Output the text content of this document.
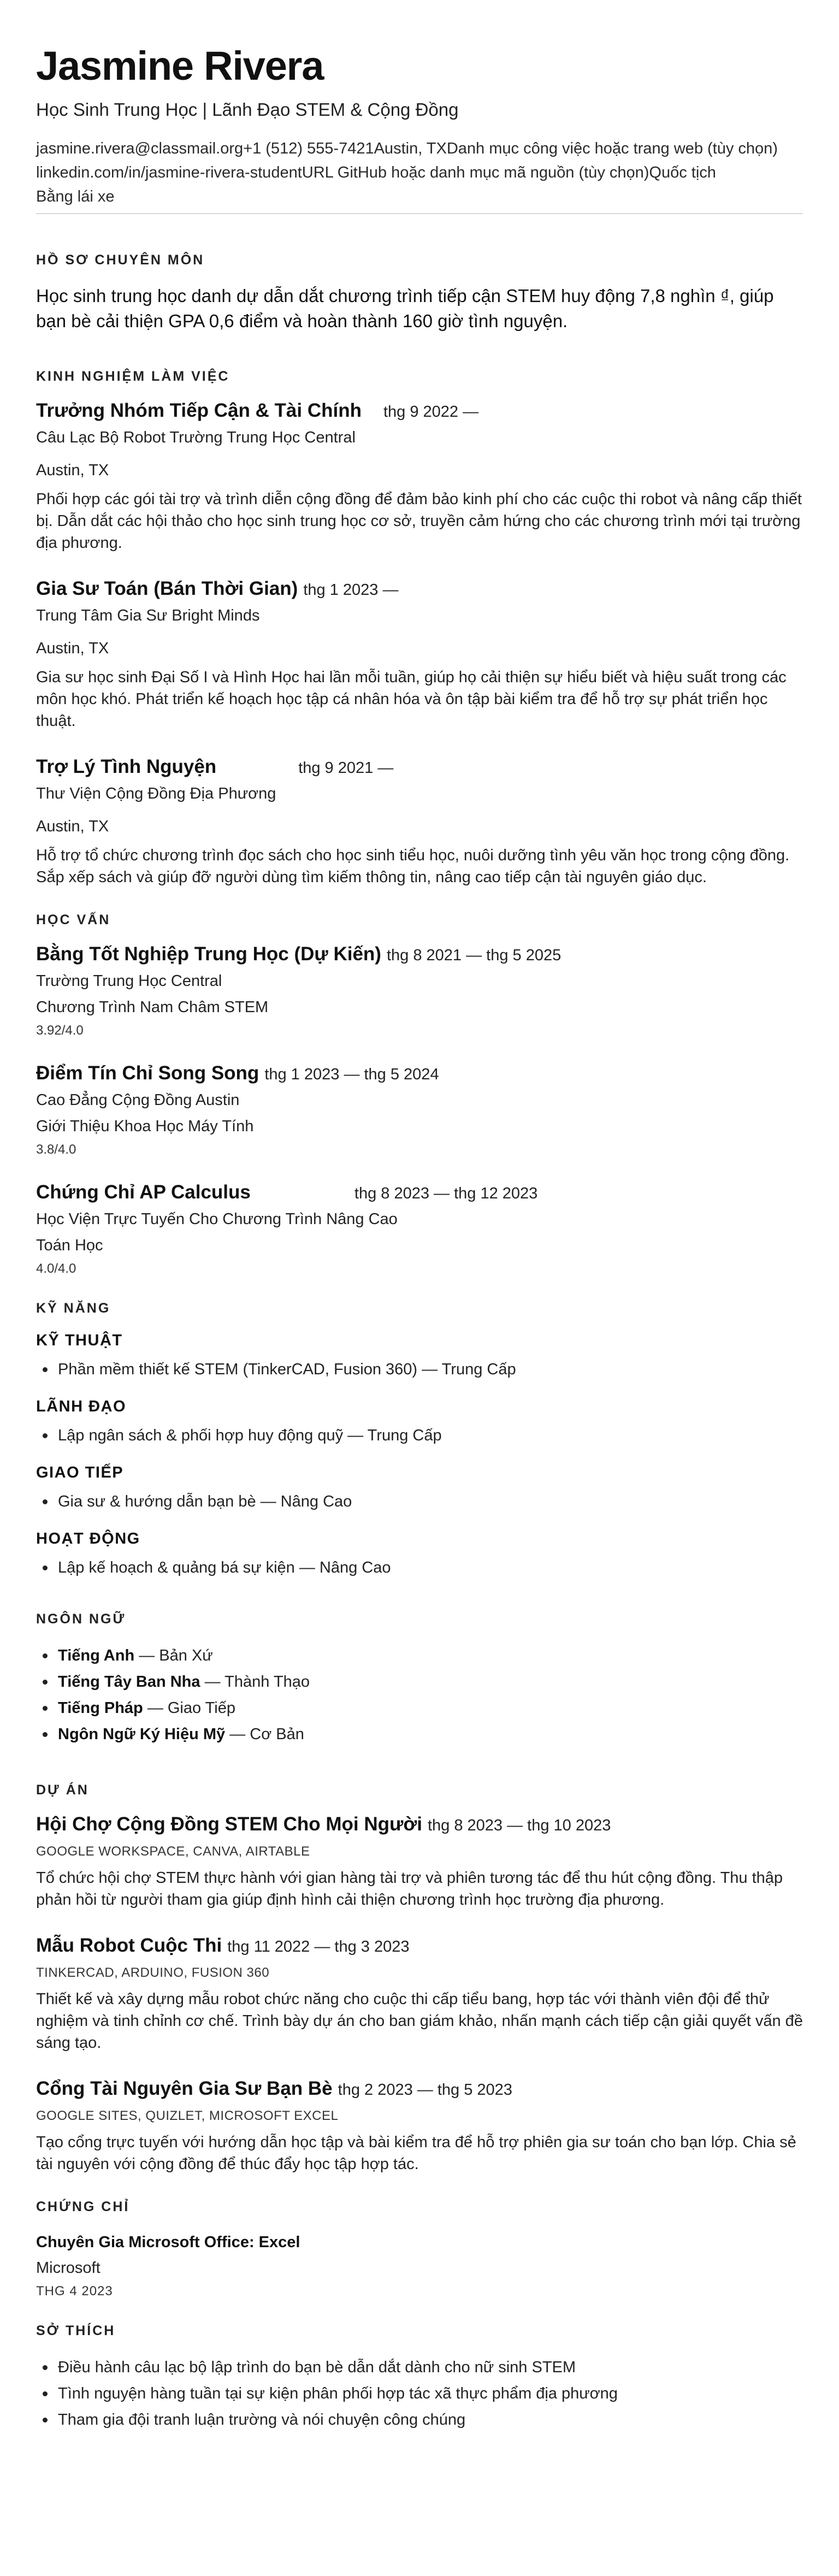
Jasmine Rivera
Học Sinh Trung Học | Lãnh Đạo STEM & Cộng Đồng
jasmine.rivera@classmail.org+1 (512) 555-7421Austin, TXDanh mục công việc hoặc trang web (tùy chọn)
linkedin.com/in/jasmine-rivera-studentURL GitHub hoặc danh mục mã nguồn (tùy chọn)Quốc tịch
Bằng lái xe
HỒ SƠ CHUYÊN MÔN

Học sinh trung học danh dự dẫn dắt chương trình tiếp cận STEM huy động 7,8 nghìn ₫, giúp bạn bè cải thiện GPA 0,6 điểm và hoàn thành 160 giờ tình nguyện.

KINH NGHIỆM LÀM VIỆC
Trưởng Nhóm Tiếp Cận & Tài Chính thg 9 2022 —
Câu Lạc Bộ Robot Trường Trung Học Central
Austin, TX

Phối hợp các gói tài trợ và trình diễn cộng đồng để đảm bảo kinh phí cho các cuộc thi robot và nâng cấp thiết bị. Dẫn dắt các hội thảo cho học sinh trung học cơ sở, truyền cảm hứng cho các chương trình mới tại trường địa phương.

Gia Sư Toán (Bán Thời Gian) thg 1 2023 —
Trung Tâm Gia Sư Bright Minds
Austin, TX

Gia sư học sinh Đại Số I và Hình Học hai lần mỗi tuần, giúp họ cải thiện sự hiểu biết và hiệu suất trong các môn học khó. Phát triển kế hoạch học tập cá nhân hóa và ôn tập bài kiểm tra để hỗ trợ sự phát triển học thuật.

Trợ Lý Tình Nguyện	thg 9 2021 —
Thư Viện Cộng Đồng Địa Phương
Austin, TX

Hỗ trợ tổ chức chương trình đọc sách cho học sinh tiểu học, nuôi dưỡng tình yêu văn học trong cộng đồng. Sắp xếp sách và giúp đỡ người dùng tìm kiếm thông tin, nâng cao tiếp cận tài nguyên giáo dục.

HỌC VẤN
Bằng Tốt Nghiệp Trung Học (Dự Kiến) thg 8 2021 — thg 5 2025
Trường Trung Học Central
Chương Trình Nam Châm STEM
3.92/4.0
Điểm Tín Chỉ Song Song thg 1 2023 — thg 5 2024
Cao Đẳng Cộng Đồng Austin
Giới Thiệu Khoa Học Máy Tính
3.8/4.0
Chứng Chỉ AP Calculus	thg 8 2023 — thg 12 2023
Học Viện Trực Tuyến Cho Chương Trình Nâng Cao
Toán Học
4.0/4.0
KỸ NĂNG
KỸ THUẬT
Phần mềm thiết kế STEM (TinkerCAD, Fusion 360) — Trung Cấp
LÃNH ĐẠO
Lập ngân sách & phối hợp huy động quỹ — Trung Cấp
GIAO TIẾP
Gia sư & hướng dẫn bạn bè — Nâng Cao
HOẠT ĐỘNG
Lập kế hoạch & quảng bá sự kiện — Nâng Cao
NGÔN NGỮ
Tiếng Anh — Bản Xứ
Tiếng Tây Ban Nha — Thành Thạo
Tiếng Pháp — Giao Tiếp
Ngôn Ngữ Ký Hiệu Mỹ — Cơ Bản
DỰ ÁN
Hội Chợ Cộng Đồng STEM Cho Mọi Người thg 8 2023 — thg 10 2023
GOOGLE WORKSPACE, CANVA, AIRTABLE

Tổ chức hội chợ STEM thực hành với gian hàng tài trợ và phiên tương tác để thu hút cộng đồng. Thu thập phản hồi từ người tham gia giúp định hình cải thiện chương trình học trường địa phương.

Mẫu Robot Cuộc Thi thg 11 2022 — thg 3 2023
TINKERCAD, ARDUINO, FUSION 360

Thiết kế và xây dựng mẫu robot chức năng cho cuộc thi cấp tiểu bang, hợp tác với thành viên đội để thử nghiệm và tinh chỉnh cơ chế. Trình bày dự án cho ban giám khảo, nhấn mạnh cách tiếp cận giải quyết vấn đề sáng tạo.

Cổng Tài Nguyên Gia Sư Bạn Bè thg 2 2023 — thg 5 2023
GOOGLE SITES, QUIZLET, MICROSOFT EXCEL

Tạo cổng trực tuyến với hướng dẫn học tập và bài kiểm tra để hỗ trợ phiên gia sư toán cho bạn lớp. Chia sẻ tài nguyên với cộng đồng để thúc đẩy học tập hợp tác.

CHỨNG CHỈ
Chuyên Gia Microsoft Office: Excel
Microsoft
THG 4 2023
SỞ THÍCH
Điều hành câu lạc bộ lập trình do bạn bè dẫn dắt dành cho nữ sinh STEM
Tình nguyện hàng tuần tại sự kiện phân phối hợp tác xã thực phẩm địa phương
Tham gia đội tranh luận trường và nói chuyện công chúng
